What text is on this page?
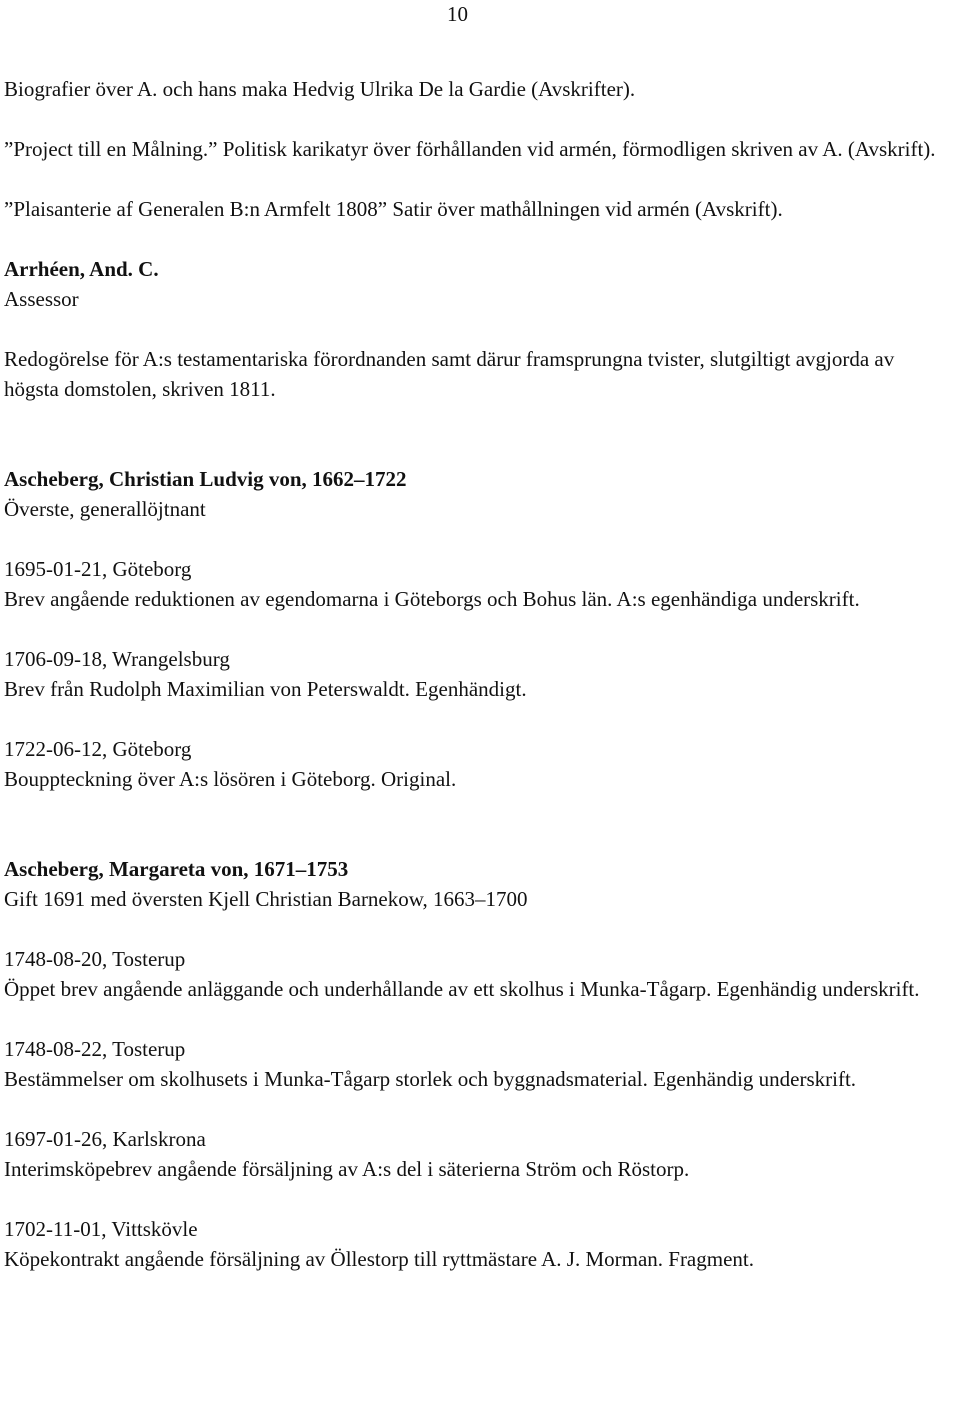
10

Biografier över A. och hans maka Hedvig Ulrika De la Gardie (Avskrifter).

”Project till en Målning.” Politisk karikatyr över förhållanden vid armén, förmodligen skriven av A. (Avskrift).

”Plaisanterie af Generalen B:n Armfelt 1808” Satir över mathållningen vid armén (Avskrift).

Arrhéen, And. C.
Assessor
Redogörelse för A:s testamentariska förordnanden samt därur framsprungna tvister, slutgiltigt avgjorda av högsta domstolen, skriven 1811.
Ascheberg, Christian Ludvig von, 1662–1722
Överste, generallöjtnant
1695-01-21, Göteborg
Brev angående reduktionen av egendomarna i Göteborgs och Bohus län. A:s egenhändiga underskrift.
1706-09-18, Wrangelsburg
Brev från Rudolph Maximilian von Peterswaldt. Egenhändigt.
1722-06-12, Göteborg
Bouppteckning över A:s lösören i Göteborg. Original.
Ascheberg, Margareta von, 1671–1753
Gift 1691 med översten Kjell Christian Barnekow, 1663–1700
1748-08-20, Tosterup
Öppet brev angående anläggande och underhållande av ett skolhus i Munka-Tågarp. Egenhändig underskrift.
1748-08-22, Tosterup
Bestämmelser om skolhusets i Munka-Tågarp storlek och byggnadsmaterial. Egenhändig underskrift.
1697-01-26, Karlskrona
Interimsköpebrev angående försäljning av A:s del i säterierna Ström och Röstorp.
1702-11-01, Vittskövle
Köpekontrakt angående försäljning av Öllestorp till ryttmästare A. J. Morman. Fragment.
